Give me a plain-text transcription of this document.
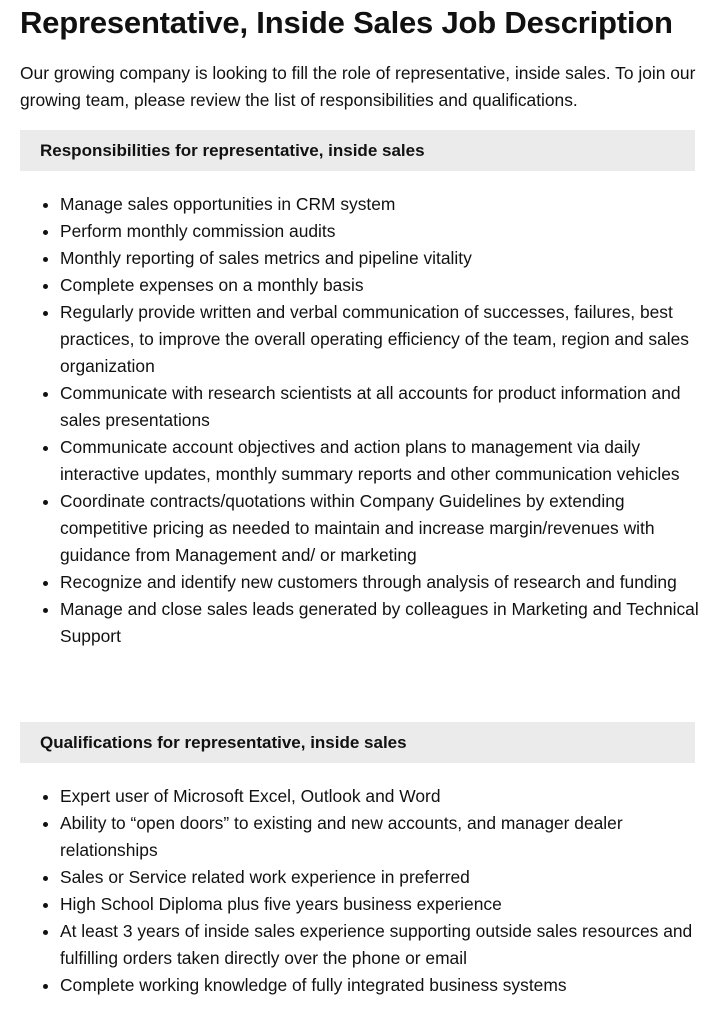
Representative, Inside Sales Job Description

Our growing company is looking to fill the role of representative, inside sales. To join our growing team, please review the list of responsibilities and qualifications.

Responsibilities for representative, inside sales
• Manage sales opportunities in CRM system
• Perform monthly commission audits
• Monthly reporting of sales metrics and pipeline vitality
• Complete expenses on a monthly basis
• Regularly provide written and verbal communication of successes, failures, best practices, to improve the overall operating efficiency of the team, region and sales organization
• Communicate with research scientists at all accounts for product information and sales presentations
• Communicate account objectives and action plans to management via daily interactive updates, monthly summary reports and other communication vehicles
• Coordinate contracts/quotations within Company Guidelines by extending competitive pricing as needed to maintain and increase margin/revenues with guidance from Management and/ or marketing
• Recognize and identify new customers through analysis of research and funding
• Manage and close sales leads generated by colleagues in Marketing and Technical Support
Qualifications for representative, inside sales
• Expert user of Microsoft Excel, Outlook and Word
• Ability to “open doors” to existing and new accounts, and manager dealer relationships
• Sales or Service related work experience in preferred
• High School Diploma plus five years business experience
• At least 3 years of inside sales experience supporting outside sales resources and fulfilling orders taken directly over the phone or email
• Complete working knowledge of fully integrated business systems
